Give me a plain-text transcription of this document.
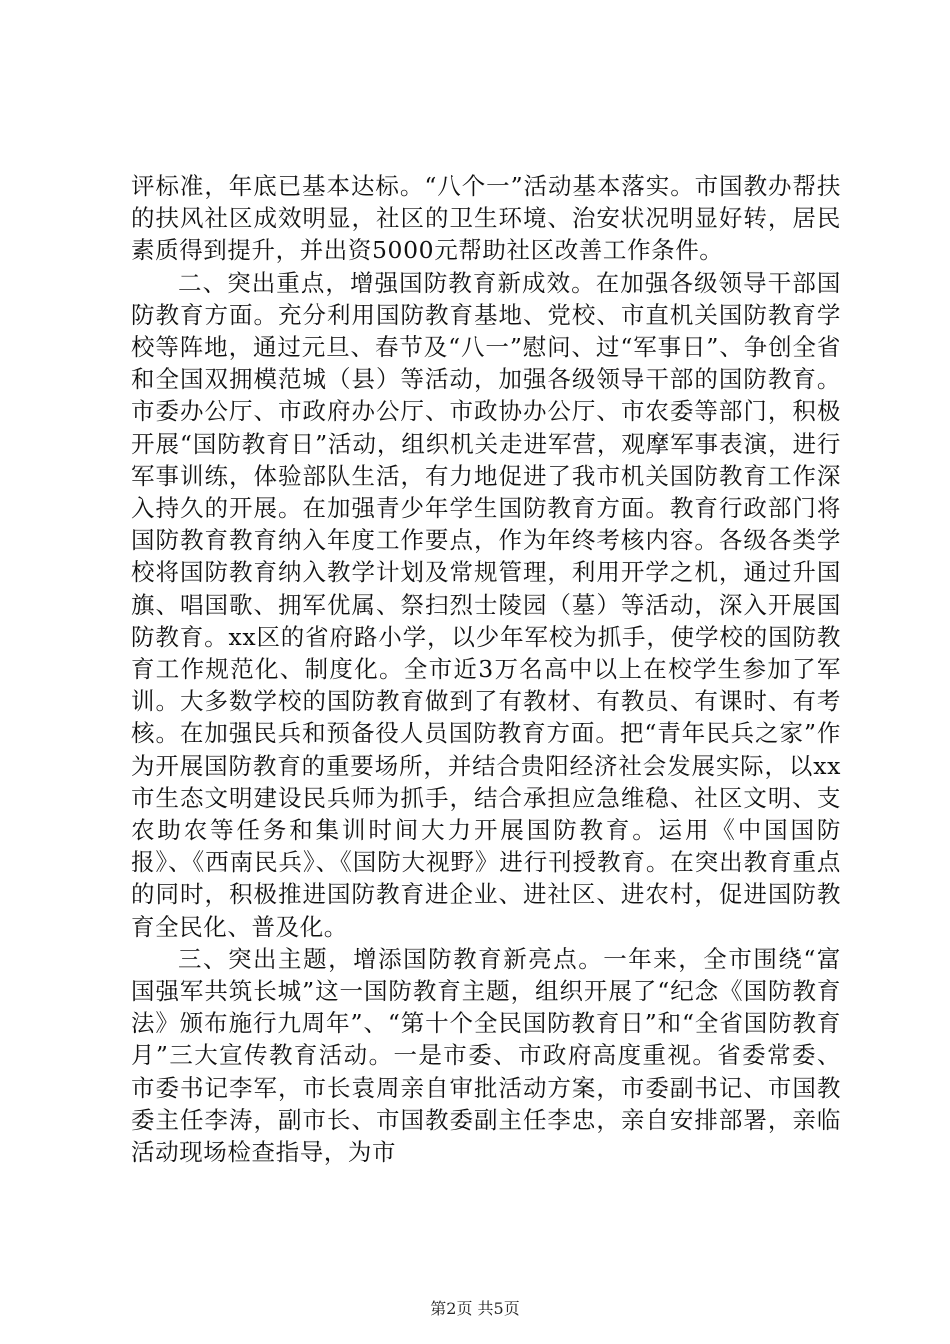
评标准，年底已基本达标。“八个一”活动基本落实。市国教办帮扶的扶风社区成效明显，社区的卫生环境、治安状况明显好转，居民素质得到提升，并出资5000元帮助社区改善工作条件。

二、突出重点，增强国防教育新成效。在加强各级领导干部国防教育方面。充分利用国防教育基地、党校、市直机关国防教育学校等阵地，通过元旦、春节及“八一”慰问、过“军事日”、争创全省和全国双拥模范城（县）等活动，加强各级领导干部的国防教育。市委办公厅、市政府办公厅、市政协办公厅、市农委等部门，积极开展“国防教育日”活动，组织机关走进军营，观摩军事表演，进行军事训练，体验部队生活，有力地促进了我市机关国防教育工作深入持久的开展。在加强青少年学生国防教育方面。教育行政部门将国防教育教育纳入年度工作要点，作为年终考核内容。各级各类学校将国防教育纳入教学计划及常规管理，利用开学之机，通过升国旗、唱国歌、拥军优属、祭扫烈士陵园（墓）等活动，深入开展国防教育。xx区的省府路小学，以少年军校为抓手，使学校的国防教育工作规范化、制度化。全市近3万名高中以上在校学生参加了军训。大多数学校的国防教育做到了有教材、有教员、有课时、有考核。在加强民兵和预备役人员国防教育方面。把“青年民兵之家”作为开展国防教育的重要场所，并结合贵阳经济社会发展实际，以xx市生态文明建设民兵师为抓手，结合承担应急维稳、社区文明、支农助农等任务和集训时间大力开展国防教育。运用《中国国防报》、《西南民兵》、《国防大视野》进行刊授教育。在突出教育重点的同时，积极推进国防教育进企业、进社区、进农村，促进国防教育全民化、普及化。

三、突出主题，增添国防教育新亮点。一年来，全市围绕“富国强军共筑长城”这一国防教育主题，组织开展了“纪念《国防教育法》颁布施行九周年”、“第十个全民国防教育日”和“全省国防教育月”三大宣传教育活动。一是市委、市政府高度重视。省委常委、市委书记李军，市长袁周亲自审批活动方案，市委副书记、市国教委主任李涛，副市长、市国教委副主任李忠，亲自安排部署，亲临活动现场检查指导，为市

第2页 共5页
